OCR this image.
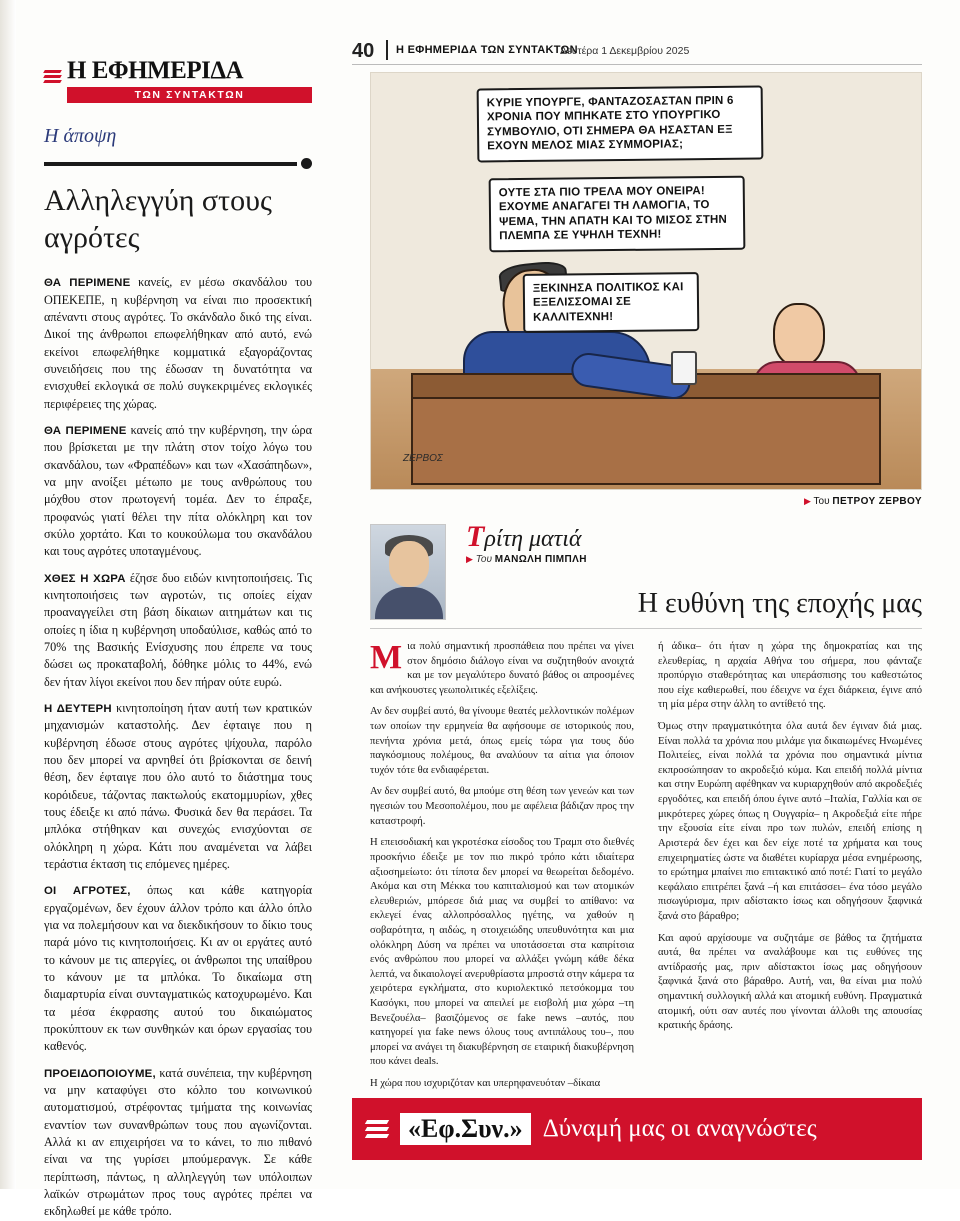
Η ΕΦΗΜΕΡΙΔΑ
ΤΩΝ ΣΥΝΤΑΚΤΩΝ
Η άποψη
Αλληλεγγύη στους αγρότες

ΘΑ ΠΕΡΙΜΕΝΕ κανείς, εν μέσω σκανδάλου του ΟΠΕΚΕΠΕ, η κυβέρνηση να είναι πιο προσεκτική απέναντι στους αγρότες. Το σκάνδαλο δικό της είναι. Δικοί της άνθρωποι επωφελήθηκαν από αυτό, ενώ εκείνοι επωφελήθηκε κομματικά εξαγοράζοντας συνειδήσεις που της έδωσαν τη δυνατότητα να ενισχυθεί εκλογικά σε πολύ συγκεκριμένες εκλογικές περιφέρειες της χώρας.

ΘΑ ΠΕΡΙΜΕΝΕ κανείς από την κυβέρνηση, την ώρα που βρίσκεται με την πλάτη στον τοίχο λόγω του σκανδάλου, των «Φραπέδων» και των «Χασάπηδων», να μην ανοίξει μέτωπο με τους ανθρώπους του μόχθου στον πρωτογενή τομέα. Δεν το έπραξε, προφανώς γιατί θέλει την πίτα ολόκληρη και τον σκύλο χορτάτο. Και το κουκούλωμα του σκανδάλου και τους αγρότες υποταγμένους.

ΧΘΕΣ Η ΧΩΡΑ έζησε δυο ειδών κινητοποιήσεις. Τις κινητοποιήσεις των αγροτών, τις οποίες είχαν προαναγγείλει στη βάση δίκαιων αιτημάτων και τις οποίες η ίδια η κυβέρνηση υποδαύλισε, καθώς από το 70% της Βασικής Ενίσχυσης που έπρεπε να τους δώσει ως προκαταβολή, δόθηκε μόλις το 44%, ενώ δεν ήταν λίγοι εκείνοι που δεν πήραν ούτε ευρώ.

Η ΔΕΥΤΕΡΗ κινητοποίηση ήταν αυτή των κρατικών μηχανισμών καταστολής. Δεν έφταιγε που η κυβέρνηση έδωσε στους αγρότες ψίχουλα, παρόλο που δεν μπορεί να αρνηθεί ότι βρίσκονται σε δεινή θέση, δεν έφταιγε που όλο αυτό το διάστημα τους κορόιδευε, τάζοντας πακτωλούς εκατομμυρίων, χθες τους έδειξε κι από πάνω. Φυσικά δεν θα περάσει. Τα μπλόκα στήθηκαν και συνεχώς ενισχύονται σε ολόκληρη η χώρα. Κάτι που αναμένεται να λάβει τεράστια έκταση τις επόμενες ημέρες.

ΟΙ ΑΓΡΟΤΕΣ, όπως και κάθε κατηγορία εργαζομένων, δεν έχουν άλλον τρόπο και άλλο όπλο για να πολεμήσουν και να διεκδικήσουν το δίκιο τους παρά μόνο τις κινητοποιήσεις. Κι αν οι εργάτες αυτό το κάνουν με τις απεργίες, οι άνθρωποι της υπαίθρου το κάνουν με τα μπλόκα. Το δικαίωμα στη διαμαρτυρία είναι συνταγματικώς κατοχυρωμένο. Και τα μέσα έκφρασης αυτού του δικαιώματος προκύπτουν εκ των συνθηκών και όρων εργασίας του καθενός.

ΠΡΟΕΙΔΟΠΟΙΟΥΜΕ, κατά συνέπεια, την κυβέρνηση να μην καταφύγει στο κόλπο του κοινωνικού αυτοματισμού, στρέφοντας τμήματα της κοινωνίας εναντίον των συνανθρώπων τους που αγωνίζονται. Αλλά κι αν επιχειρήσει να το κάνει, το πιο πιθανό είναι να της γυρίσει μπούμερανγκ. Σε κάθε περίπτωση, πάντως, η αλληλεγγύη των υπόλοιπων λαϊκών στρωμάτων προς τους αγρότες πρέπει να εκδηλωθεί με κάθε τρόπο.

40 Η ΕΦΗΜΕΡΙΔΑ ΤΩΝ ΣΥΝΤΑΚΤΩΝ
Δευτέρα 1 Δεκεμβρίου 2025
ΚΥΡΙΕ ΥΠΟΥΡΓΕ, ΦΑΝΤΑΖΟΣΑΣΤΑΝ ΠΡΙΝ 6 ΧΡΟΝΙΑ ΠΟΥ ΜΠΗΚΑΤΕ ΣΤΟ ΥΠΟΥΡΓΙΚΟ ΣΥΜΒΟΥΛΙΟ, ΟΤΙ ΣΗΜΕΡΑ ΘΑ ΗΣΑΣΤΑΝ ΕΞ ΕΧΟΥΝ ΜΕΛΟΣ ΜΙΑΣ ΣΥΜΜΟΡΙΑΣ;
ΟΥΤΕ ΣΤΑ ΠΙΟ ΤΡΕΛΑ ΜΟΥ ΟΝΕΙΡΑ! ΕΧΟΥΜΕ ΑΝΑΓΑΓΕΙ ΤΗ ΛΑΜΟΓΙΑ, ΤΟ ΨΕΜΑ, ΤΗΝ ΑΠΑΤΗ ΚΑΙ ΤΟ ΜΙΣΟΣ ΣΤΗΝ ΠΛΕΜΠΑ ΣΕ ΥΨΗΛΗ ΤΕΧΝΗ!
ΞΕΚΙΝΗΣΑ ΠΟΛΙΤΙΚΟΣ ΚΑΙ ΕΞΕΛΙΣΣΟΜΑΙ ΣΕ ΚΑΛΛΙΤΕΧΝΗ!
ΖΕΡΒΟΣ
▶ Του ΠΕΤΡΟΥ ΖΕΡΒΟΥ
Τρίτη ματιά
▶ Του ΜΑΝΩΛΗ ΠΙΜΠΛΗ
Η ευθύνη της εποχής μας

Μια πολύ σημαντική προσπάθεια που πρέπει να γίνει στον δημόσιο διάλογο είναι να συζητηθούν ανοιχτά και με τον μεγαλύτερο δυνατό βάθος οι απροσμένες και ανήκουστες γεωπολιτικές εξελίξεις.

Αν δεν συμβεί αυτό, θα γίνουμε θεατές μελλοντικών πολέμων των οποίων την ερμηνεία θα αφήσουμε σε ιστορικούς που, πενήντα χρόνια μετά, όπως εμείς τώρα για τους δύο παγκόσμιους πολέμους, θα αναλύουν τα αίτια για όποιον τυχόν τότε θα ενδιαφέρεται.

Αν δεν συμβεί αυτό, θα μπούμε στη θέση των γενεών και των ηγεσιών του Μεσοπολέμου, που με αφέλεια βάδιζαν προς την καταστροφή.

Η επεισοδιακή και γκροτέσκα είσοδος του Τραμπ στο διεθνές προσκήνιο έδειξε με τον πιο πικρό τρόπο κάτι ιδιαίτερα αξιοσημείωτο: ότι τίποτα δεν μπορεί να θεωρείται δεδομένο. Ακόμα και στη Μέκκα του καπιταλισμού και των ατομικών ελευθεριών, μπόρεσε διά μιας να συμβεί το απίθανο: να εκλεγεί ένας αλλοπρόσαλλος ηγέτης, να χαθούν η σοβαρότητα, η αιδώς, η στοιχειώδης υπευθυνότητα και μια ολόκληρη Δύση να πρέπει να υποτάσσεται στα καπρίτσια ενός ανθρώπου που μπορεί να αλλάξει γνώμη κάθε δέκα λεπτά, να δικαιολογεί ανερυθρίαστα μπροστά στην κάμερα τα χειρότερα εγκλήματα, στο κυριολεκτικό πετσόκομμα του Κασόγκι, που μπορεί να απειλεί με εισβολή μια χώρα –τη Βενεζουέλα– βασιζόμενος σε fake news –αυτός, που κατηγορεί για fake news όλους τους αντιπάλους του–, που μπορεί να ανάγει τη διακυβέρνηση σε εταιρική διακυβέρνηση που κάνει deals.

Η χώρα που ισχυριζόταν και υπερηφανευόταν –δίκαια

ή άδικα– ότι ήταν η χώρα της δημοκρατίας και της ελευθερίας, η αρχαία Αθήνα του σήμερα, που φάνταζε προπύργιο σταθερότητας και υπεράσπισης του καθεστώτος που είχε καθιερωθεί, που έδειχνε να έχει διάρκεια, έγινε από τη μία μέρα στην άλλη το αντίθετό της.

Όμως στην πραγματικότητα όλα αυτά δεν έγιναν διά μιας. Είναι πολλά τα χρόνια που μιλάμε για δικαιωμένες Ηνωμένες Πολιτείες, είναι πολλά τα χρόνια που σημαντικά μίντια εκπροσώπησαν το ακροδεξιό κύμα. Και επειδή πολλά μίντια και στην Ευρώπη αφέθηκαν να κυριαρχηθούν από ακροδεξιές εργοδότες, και επειδή όπου έγινε αυτό –Ιταλία, Γαλλία και σε μικρότερες χώρες όπως η Ουγγαρία– η Ακροδεξιά είτε πήρε την εξουσία είτε είναι προ των πυλών, επειδή επίσης η Αριστερά δεν έχει και δεν είχε ποτέ τα χρήματα και τους επιχειρηματίες ώστε να διαθέτει κυρίαρχα μέσα ενημέρωσης, το ερώτημα μπαίνει πιο επιτακτικό από ποτέ: Γιατί το μεγάλο κεφάλαιο επιτρέπει ξανά –ή και επιτάσσει– ένα τόσο μεγάλο πισωγύρισμα, πριν αδίστακτο ίσως και οδηγήσουν ξαφνικά ξανά στο βάραθρο;

Και αφού αρχίσουμε να συζητάμε σε βάθος τα ζητήματα αυτά, θα πρέπει να αναλάβουμε και τις ευθύνες της αντίδρασής μας, πριν αδίστακτοι ίσως μας οδηγήσουν ξαφνικά ξανά στο βάραθρο. Αυτή, ναι, θα είναι μια πολύ σημαντική συλλογική αλλά και ατομική ευθύνη. Πραγματικά ατομική, ούτι σαν αυτές που γίνονται άλλοθι της απουσίας κρατικής δράσης.

«Εφ.Συν.» Δύναμή μας οι αναγνώστες
